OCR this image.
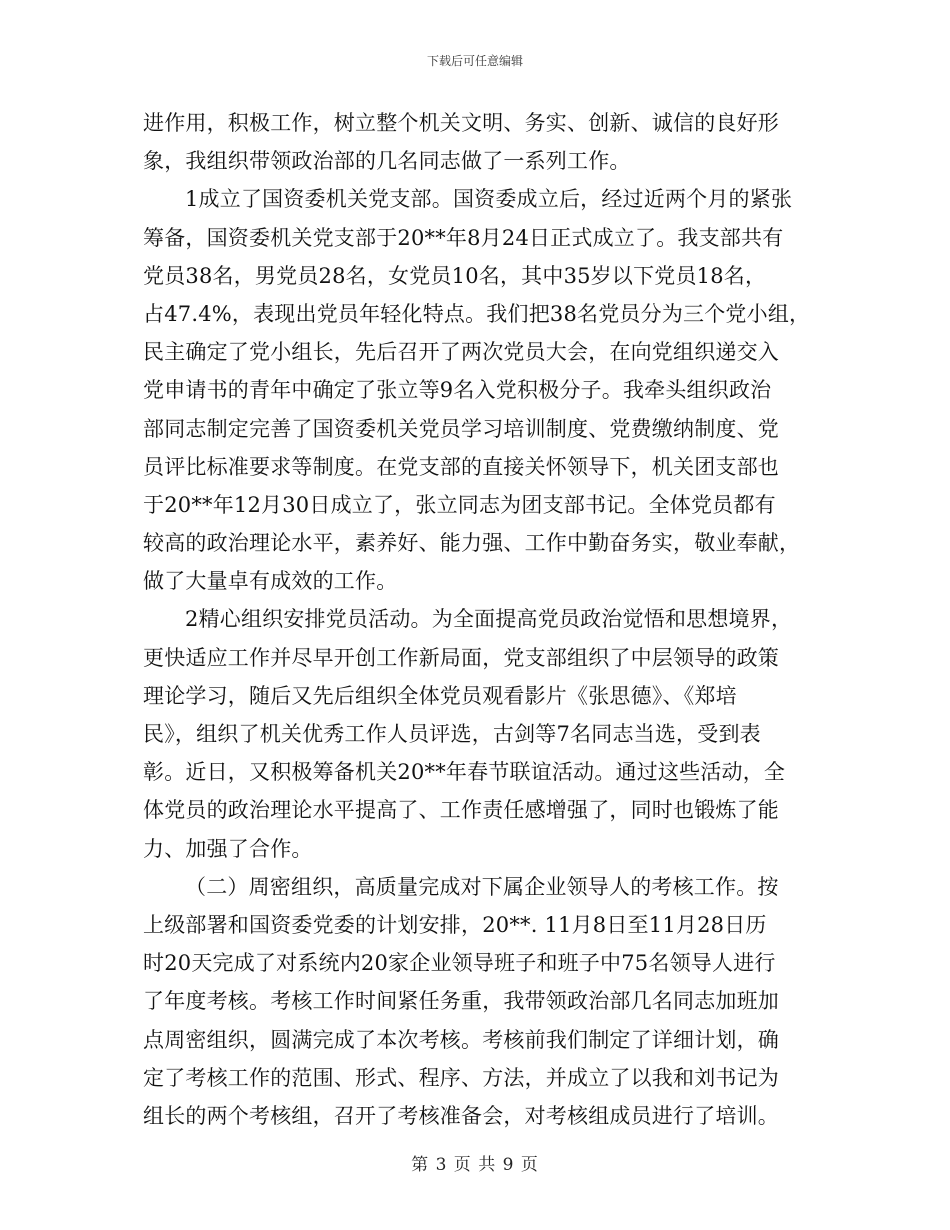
下载后可任意编辑
进作用，积极工作，树立整个机关文明、务实、创新、诚信的良好形
象，我组织带领政治部的几名同志做了一系列工作。
1成立了国资委机关党支部。国资委成立后，经过近两个月的紧张
筹备，国资委机关党支部于20**年8月24日正式成立了。我支部共有
党员38名，男党员28名，女党员10名，其中35岁以下党员18名，
占47.4%，表现出党员年轻化特点。我们把38名党员分为三个党小组，
民主确定了党小组长，先后召开了两次党员大会，在向党组织递交入
党申请书的青年中确定了张立等9名入党积极分子。我牵头组织政治
部同志制定完善了国资委机关党员学习培训制度、党费缴纳制度、党
员评比标准要求等制度。在党支部的直接关怀领导下，机关团支部也
于20**年12月30日成立了，张立同志为团支部书记。全体党员都有
较高的政治理论水平，素养好、能力强、工作中勤奋务实，敬业奉献，
做了大量卓有成效的工作。
2精心组织安排党员活动。为全面提高党员政治觉悟和思想境界，
更快适应工作并尽早开创工作新局面，党支部组织了中层领导的政策
理论学习，随后又先后组织全体党员观看影片《张思德》、《郑培
民》，组织了机关优秀工作人员评选，古剑等7名同志当选，受到表
彰。近日，又积极筹备机关20**年春节联谊活动。通过这些活动，全
体党员的政治理论水平提高了、工作责任感增强了，同时也锻炼了能
力、加强了合作。
（二）周密组织，高质量完成对下属企业领导人的考核工作。按
上级部署和国资委党委的计划安排，20**. 11月8日至11月28日历
时20天完成了对系统内20家企业领导班子和班子中75名领导人进行
了年度考核。考核工作时间紧任务重，我带领政治部几名同志加班加
点周密组织，圆满完成了本次考核。考核前我们制定了详细计划，确
定了考核工作的范围、形式、程序、方法，并成立了以我和刘书记为
组长的两个考核组，召开了考核准备会，对考核组成员进行了培训。
第 3 页 共 9 页
